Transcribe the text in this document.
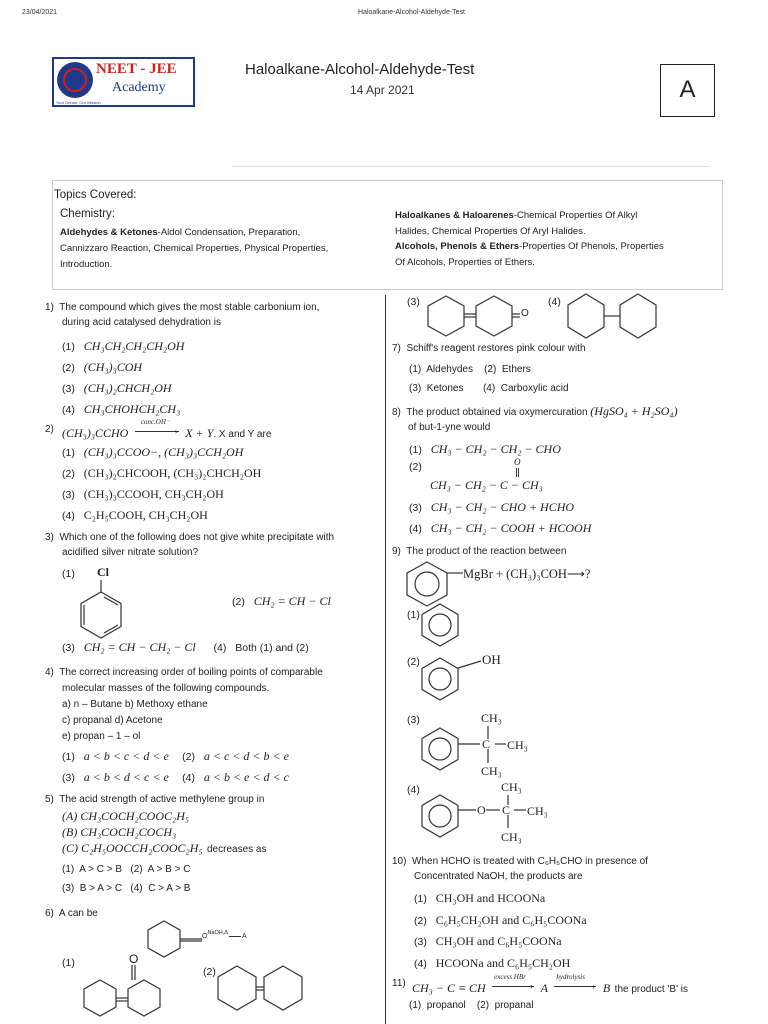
23/04/2021	Haloalkane-Alcohol-Aldehyde-Test
NEET - JEE
Academy
Your Dream, Our Mission
Haloalkane-Alcohol-Aldehyde-Test
14 Apr 2021	A
Topics Covered:
Chemistry:
Aldehydes & Ketones-Aldol Condensation, Preparation,
Cannizzaro Reaction, Chemical Properties, Physical Properties,
Introduction.
Haloalkanes & Haloarenes-Chemical Properties Of Alkyl
Halides, Chemical Properties Of Aryl Halides.
Alcohols, Phenols & Ethers-Properties Of Phenols, Properties
Of Alcohols, Properties of Ethers.
1) The compound which gives the most stable carbonium ion,
during acid catalysed dehydration is
(1) CH₃CH₂CH₂CH₂OH
(2) (CH₃)₃COH
(3) (CH₃)₂CHCH₂OH
(4) CH₃CHOHCH₂CH₃
2) (CH₃)₃CCHO
conc.OH⁻
› X + Y. X and Y are
(1) (CH₃)₃CCOO−, (CH₃)₃CCH₂OH
(2) (CH₃)₂CHCOOH, (CH₃)₂CHCH₂OH
(3) (CH₃)₃CCOOH, CH₃CH₂OH
(4) C₂H₅COOH, CH₃CH₂OH
3) Which one of the following does not give white precipitate with
acidified silver nitrate solution?
(1) Cl
(2) CH₂ = CH − Cl
(3) CH₂ = CH − CH₂ − Cl (4) Both (1) and (2)
4) The correct increasing order of boiling points of comparable
molecular masses of the following compounds.
a) n – Butane b) Methoxy ethane
c) propanal d) Acetone
e) propan – 1 – ol
(1) a < b < c < d < e (2) a < c < d < b < e
(3) a < b < d < c < e (4) a < b < e < d < c
5) The acid strength of active methylene group in
(A) CH₃COCH₂COOC₂H₅
(B) CH₃COCH₂COCH₃
(C) C₂H₅OOCCH₂COOC₂H₅ decreases as
(1) A > C > B (2) A > B > C
(3) B > A > C (4) C > A > B
6) A can be
$O^{NaOH,\Delta}$ A
(1)	O
(2)
(3)
O
(4)
7) Schiff's reagent restores pink colour with
(1) Aldehydes (2) Ethers
(3) Ketones (4) Carboxylic acid
8) The product obtained via oxymercuration (HgSO₄ + H₂SO₄)
of but-1-yne would
(1) CH₃ − CH₂ − CH₂ − CHO
(2)	O
CH₃ − CH₂ − C − CH₃
(3) CH₃ − CH₂ − CHO + HCHO
(4) CH₃ − CH₂ − COOH + HCOOH
9) The product of the reaction between
MgBr + (CH₃)₃COH⟶?
(1)
(2)	OH
(3)	CH₃
C CH₃
CH₃
(4)	CH₃
O C CH₃
CH₃
10) When HCHO is treated with C₆H₅CHO in presence of
Concentrated NaOH, the products are
(1) CH₃OH and HCOONa
(2) C₆H₅CH₂OH and C₆H₅COONa
(3) CH₃OH and C₆H₅COONa
(4) HCOONa and C₆H₅CH₂OH
11) CH₃ − C ≡ CH
excess HBr
› A
hydrolysis
› B the product 'B' is
(1) propanol (2) propanal
